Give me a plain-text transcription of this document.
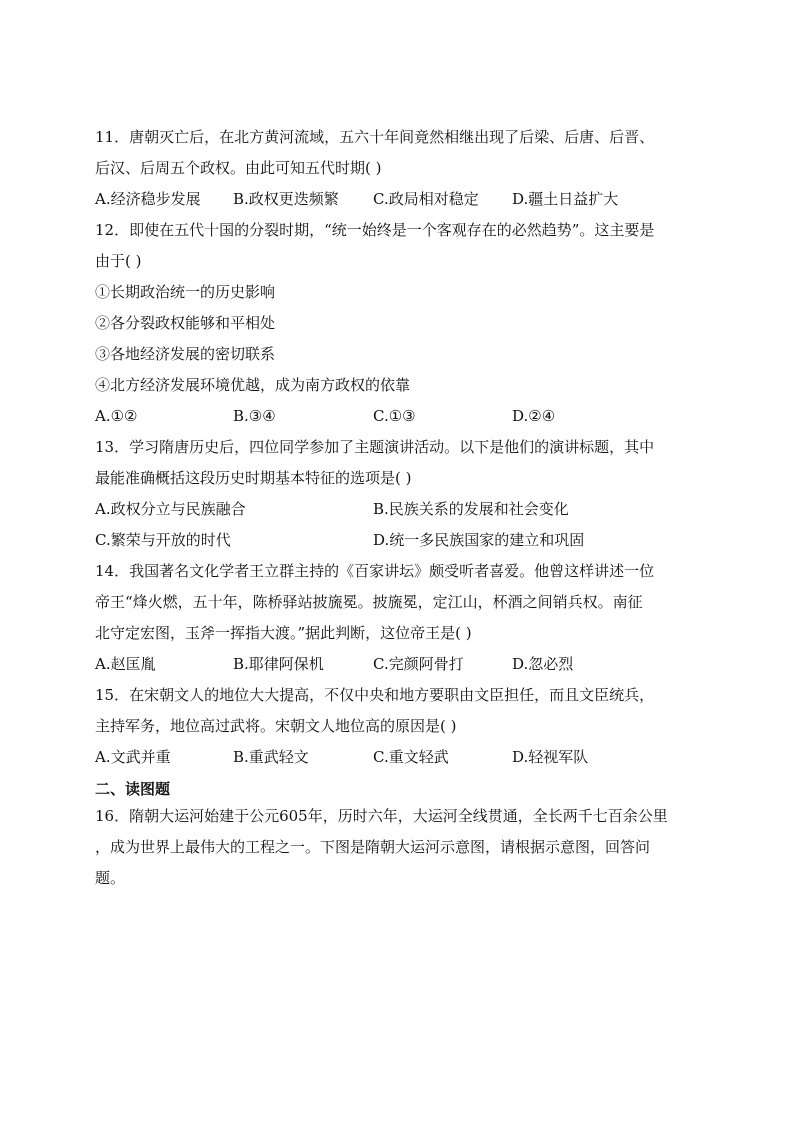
11．唐朝灭亡后，在北方黄河流域，五六十年间竟然相继出现了后梁、后唐、后晋、
后汉、后周五个政权。由此可知五代时期( )
A.经济稳步发展 B.政权更迭频繁 C.政局相对稳定 D.疆土日益扩大
12．即使在五代十国的分裂时期，“统一始终是一个客观存在的必然趋势”。这主要是
由于( )
①长期政治统一的历史影响
②各分裂政权能够和平相处
③各地经济发展的密切联系
④北方经济发展环境优越，成为南方政权的依靠
A.①②	B.③④	C.①③	D.②④
13．学习隋唐历史后，四位同学参加了主题演讲活动。以下是他们的演讲标题，其中
最能准确概括这段历史时期基本特征的选项是( )
A.政权分立与民族融合	B.民族关系的发展和社会变化
C.繁荣与开放的时代	D.统一多民族国家的建立和巩固
14．我国著名文化学者王立群主持的《百家讲坛》颇受听者喜爱。他曾这样讲述一位
帝王“烽火燃，五十年，陈桥驿站披旒冕。披旒冕，定江山，杯酒之间销兵权。南征
北守定宏图，玉斧一挥指大渡。”据此判断，这位帝王是( )
A.赵匡胤	B.耶律阿保机	C.完颜阿骨打	D.忽必烈
15．在宋朝文人的地位大大提高，不仅中央和地方要职由文臣担任，而且文臣统兵，
主持军务，地位高过武将。宋朝文人地位高的原因是( )
A.文武并重	B.重武轻文	C.重文轻武	D.轻视军队
二、读图题
16．隋朝大运河始建于公元605年，历时六年，大运河全线贯通，全长两千七百余公里
，成为世界上最伟大的工程之一。下图是隋朝大运河示意图，请根据示意图，回答问
题。
